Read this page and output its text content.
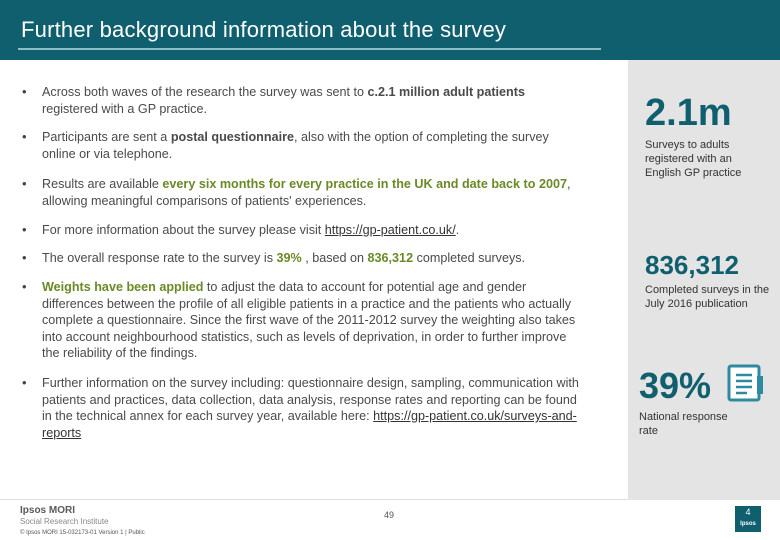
Further background information about the survey
• Across both waves of the research the survey was sent to c.2.1 million adult patients registered with a GP practice.
• Participants are sent a postal questionnaire, also with the option of completing the survey online or via telephone.
• Results are available every six months for every practice in the UK and date back to 2007, allowing meaningful comparisons of patients' experiences.
• For more information about the survey please visit https://gp-patient.co.uk/.
• The overall response rate to the survey is 39% , based on 836,312 completed surveys.
• Weights have been applied to adjust the data to account for potential age and gender differences between the profile of all eligible patients in a practice and the patients who actually complete a questionnaire. Since the first wave of the 2011-2012 survey the weighting also takes into account neighbourhood statistics, such as levels of deprivation, in order to further improve the reliability of the findings.
• Further information on the survey including: questionnaire design, sampling, communication with patients and practices, data collection, data analysis, response rates and reporting can be found in the technical annex for each survey year, available here: https://gp-patient.co.uk/surveys-and-reports
2.1m
Surveys to adults registered with an English GP practice
836,312
Completed surveys in the July 2016 publication
39%
National response rate
Ipsos MORI
Social Research Institute
© Ipsos MORI 15-032173-01 Version 1 | Public
49	4
Ipsos
